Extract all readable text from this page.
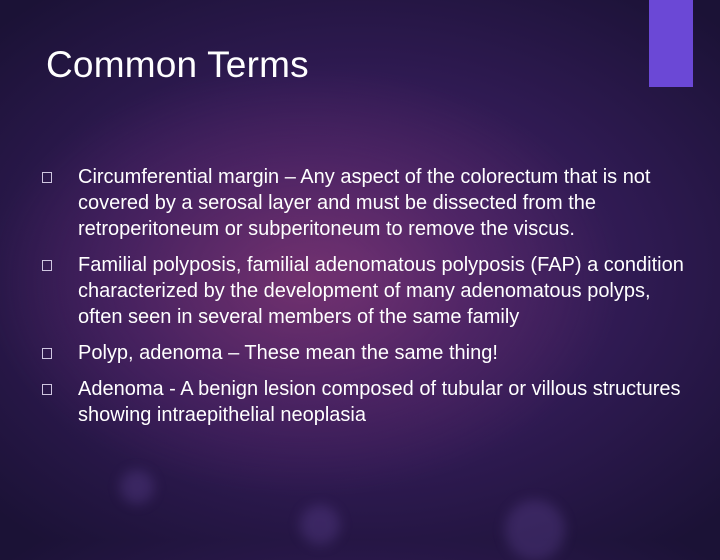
Common Terms
Circumferential margin – Any aspect of the colorectum that is not covered by a serosal layer and must be dissected from the retroperitoneum or subperitoneum to remove the viscus.
Familial polyposis, familial adenomatous polyposis (FAP) a condition characterized by the development of many adenomatous polyps, often seen in several members of the same family
Polyp, adenoma – These mean the same thing!
Adenoma - A benign lesion composed of tubular or villous structures showing intraepithelial neoplasia
